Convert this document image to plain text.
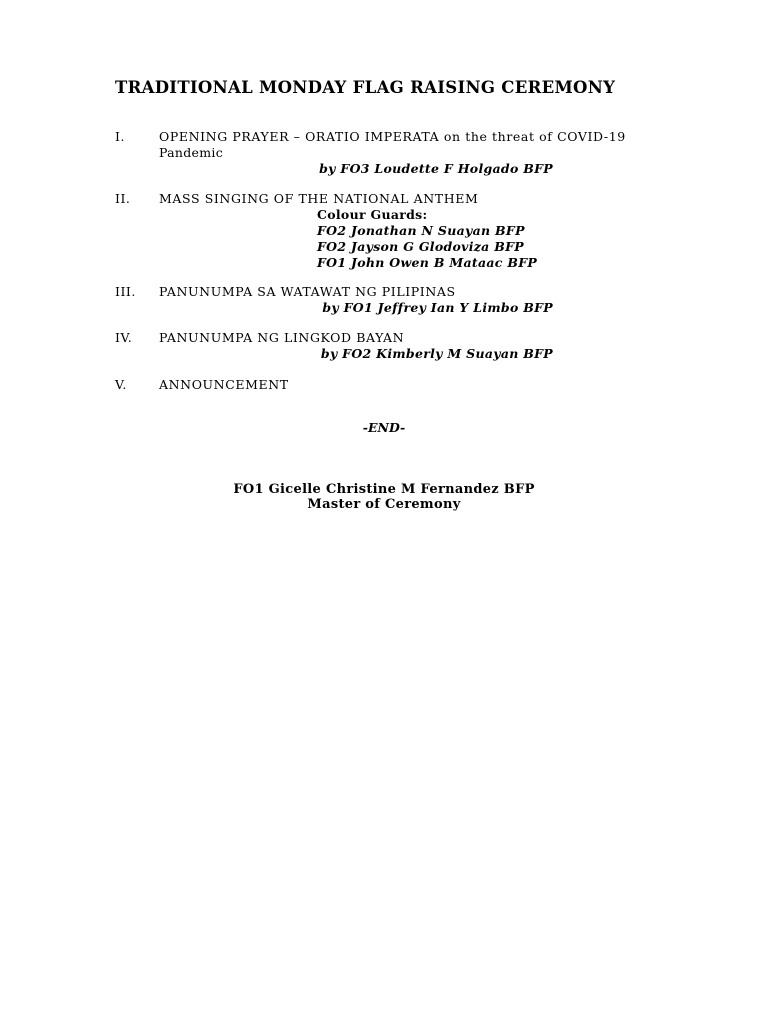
TRADITIONAL MONDAY FLAG RAISING CEREMONY
I.	OPENING PRAYER – ORATIO IMPERATA on the threat of COVID-19
Pandemic
by FO3 Loudette F Holgado BFP
II. MASS SINGING OF THE NATIONAL ANTHEM
Colour Guards:
FO2 Jonathan N Suayan BFP
FO2 Jayson G Glodoviza BFP
FO1 John Owen B Mataac BFP
III. PANUNUMPA SA WATAWAT NG PILIPINAS
by FO1 Jeffrey Ian Y Limbo BFP
IV. PANUNUMPA NG LINGKOD BAYAN
by FO2 Kimberly M Suayan BFP
V.	ANNOUNCEMENT
-END-
FO1 Gicelle Christine M Fernandez BFP
Master of Ceremony
